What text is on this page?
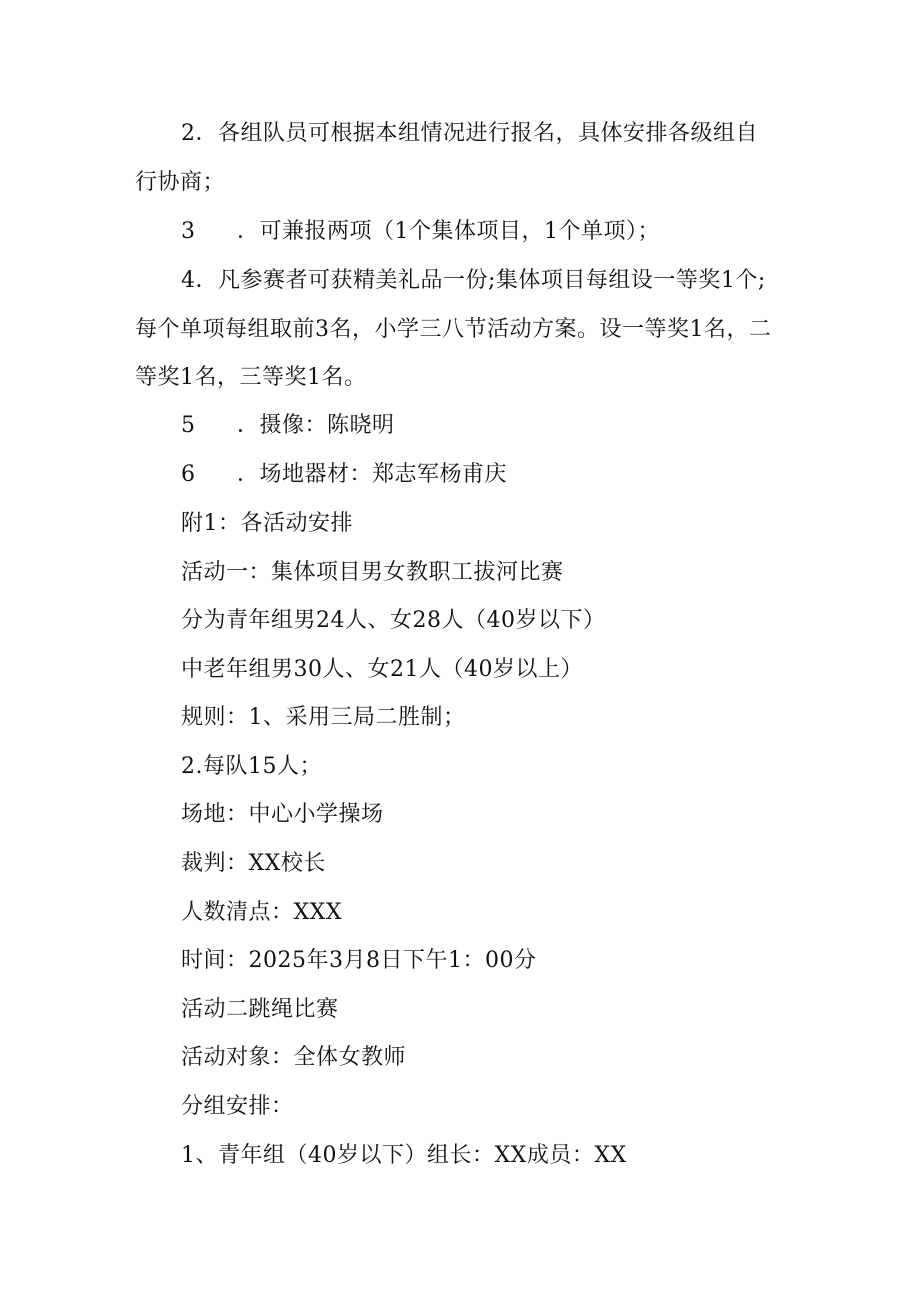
2．各组队员可根据本组情况进行报名，具体安排各级组自
行协商；
3 ．可兼报两项（1个集体项目，1个单项）；
4．凡参赛者可获精美礼品一份;集体项目每组设一等奖1个;
每个单项每组取前3名，小学三八节活动方案。设一等奖1名，二
等奖1名，三等奖1名。
5 ．摄像：陈晓明
6 ．场地器材：郑志军杨甫庆
附1：各活动安排
活动一：集体项目男女教职工拔河比赛
分为青年组男24人、女28人（40岁以下）
中老年组男30人、女21人（40岁以上）
规则：1、采用三局二胜制；
2.每队15人；
场地：中心小学操场
裁判：XX校长
人数清点：XXX
时间：2025年3月8日下午1：00分
活动二跳绳比赛
活动对象：全体女教师
分组安排：
1、青年组（40岁以下）组长：XX成员：XX
